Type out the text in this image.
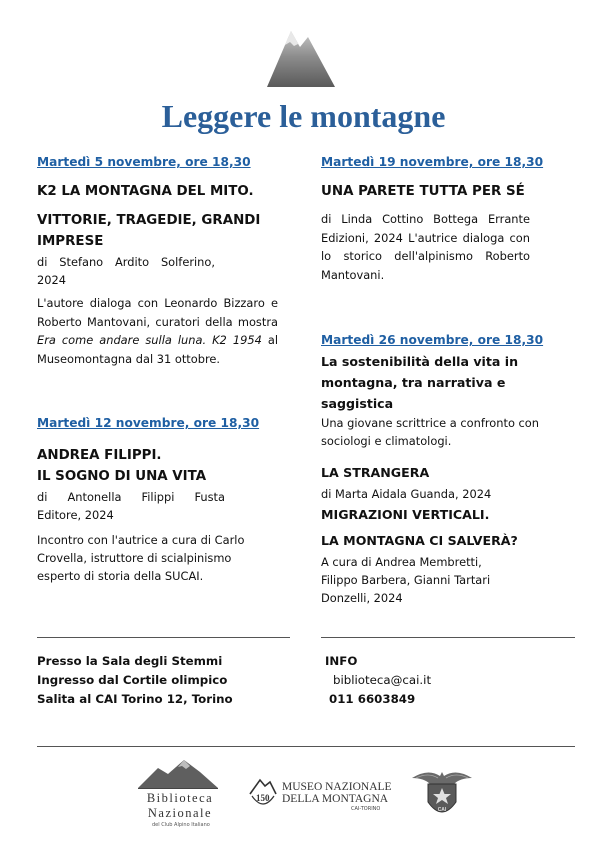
Leggere le montagne
Martedì 5 novembre, ore 18,30
K2 LA MONTAGNA DEL MITO.
VITTORIE, TRAGEDIE, GRANDI
IMPRESE
di Stefano Ardito Solferino,
2024
L'autore dialoga con Leonardo Bizzaro e Roberto Mantovani, curatori della mostra Era come andare sulla luna. K2 1954 al Museomontagna dal 31 ottobre.
Martedì 12 novembre, ore 18,30
ANDREA FILIPPI.
IL SOGNO DI UNA VITA
di Antonella Filippi Fusta
Editore, 2024
Incontro con l'autrice a cura di Carlo
Crovella, istruttore di scialpinismo
esperto di storia della SUCAI.
Martedì 19 novembre, ore 18,30
UNA PARETE TUTTA PER SÉ
di Linda Cottino Bottega Errante Edizioni, 2024 L'autrice dialoga con lo storico dell'alpinismo Roberto Mantovani.
Martedì 26 novembre, ore 18,30
La sostenibilità della vita in
montagna, tra narrativa e
saggistica
Una giovane scrittrice a confronto con
sociologi e climatologi.
LA STRANGERA
di Marta Aidala Guanda, 2024
MIGRAZIONI VERTICALI.
LA MONTAGNA CI SALVERÀ?
A cura di Andrea Membretti,
Filippo Barbera, Gianni Tartari
Donzelli, 2024
Presso la Sala degli Stemmi
Ingresso dal Cortile olimpico
Salita al CAI Torino 12, Torino
INFO
biblioteca@cai.it
011 6603849
Biblioteca
Nazionale
del Club Alpino Italiano
150
MUSEO NAZIONALE
DELLA MONTAGNA
CAI-TORINO	CAI
